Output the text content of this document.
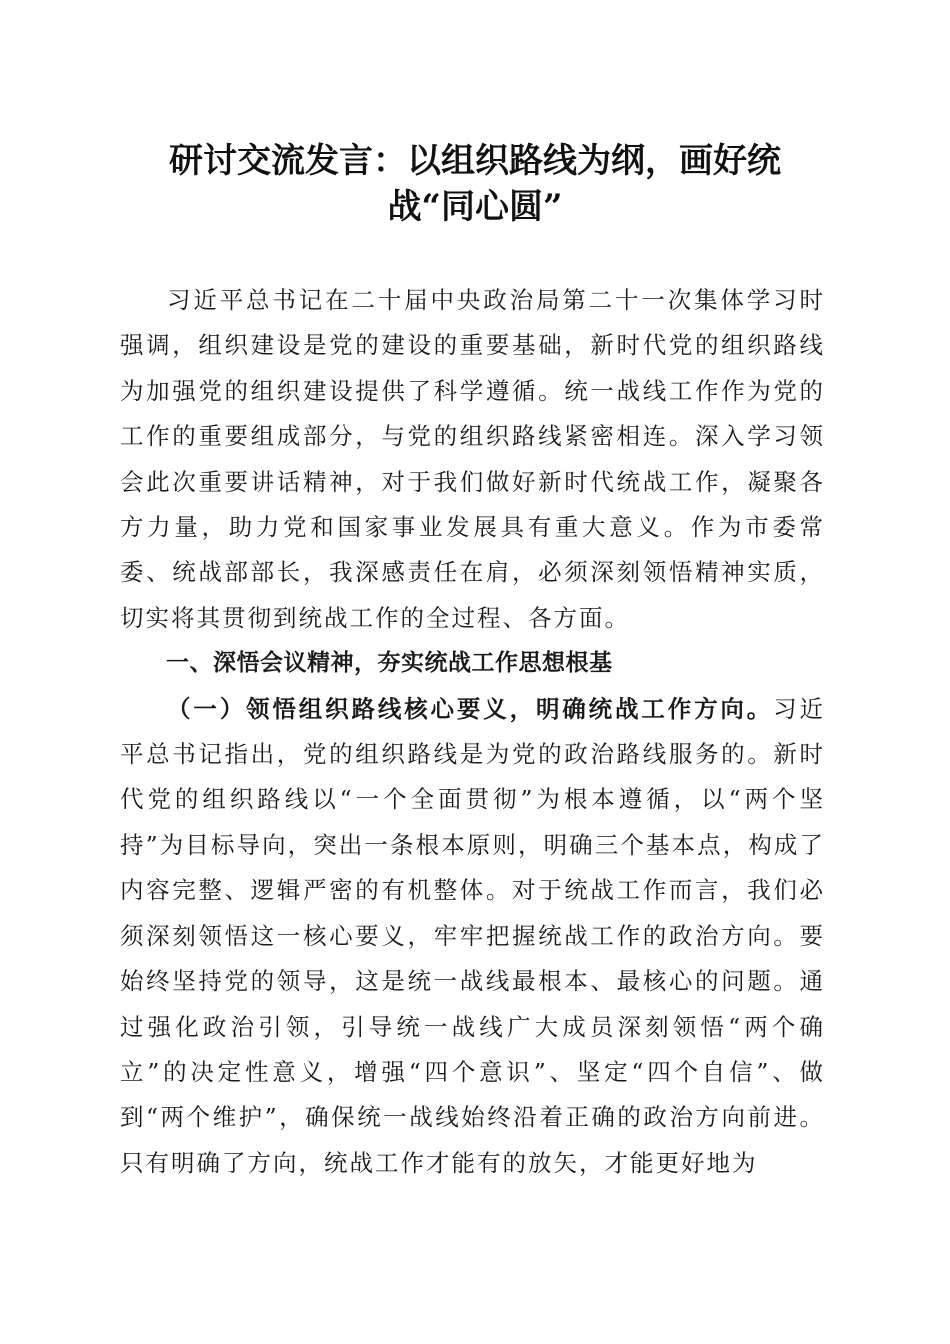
研讨交流发言：以组织路线为纲，画好统
战“同心圆”

习近平总书记在二十届中央政治局第二十一次集体学习时强调，组织建设是党的建设的重要基础，新时代党的组织路线为加强党的组织建设提供了科学遵循。统一战线工作作为党的工作的重要组成部分，与党的组织路线紧密相连。深入学习领会此次重要讲话精神，对于我们做好新时代统战工作，凝聚各方力量，助力党和国家事业发展具有重大意义。作为市委常委、统战部部长，我深感责任在肩，必须深刻领悟精神实质，切实将其贯彻到统战工作的全过程、各方面。

一、深悟会议精神，夯实统战工作思想根基

（一）领悟组织路线核心要义，明确统战工作方向。习近平总书记指出，党的组织路线是为党的政治路线服务的。新时代党的组织路线以“一个全面贯彻”为根本遵循，以“两个坚持”为目标导向，突出一条根本原则，明确三个基本点，构成了内容完整、逻辑严密的有机整体。对于统战工作而言，我们必须深刻领悟这一核心要义，牢牢把握统战工作的政治方向。要始终坚持党的领导，这是统一战线最根本、最核心的问题。通过强化政治引领，引导统一战线广大成员深刻领悟“两个确立”的决定性意义，增强“四个意识”、坚定“四个自信”、做到“两个维护”，确保统一战线始终沿着正确的政治方向前进。只有明确了方向，统战工作才能有的放矢，才能更好地为
